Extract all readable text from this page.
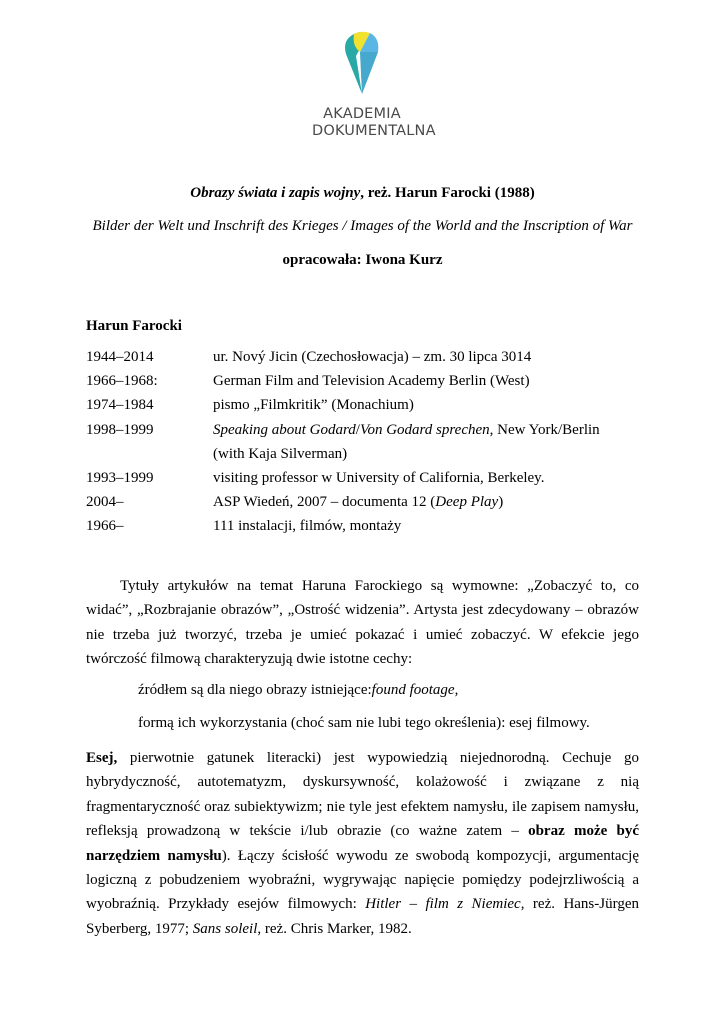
AKADEMIA
DOKUMENTALNA
Obrazy świata i zapis wojny, reż. Harun Farocki (1988)
Bilder der Welt und Inschrift des Krieges / Images of the World and the Inscription of War
opracowała: Iwona Kurz
Harun Farocki
1944–2014	ur. Nový Jicin (Czechosłowacja) – zm. 30 lipca 3014
1966–1968:	German Film and Television Academy Berlin (West)
1974–1984	pismo „Filmkritik” (Monachium)
1998–1999	Speaking about Godard/Von Godard sprechen, New York/Berlin
(with Kaja Silverman)
1993–1999	visiting professor w University of California, Berkeley.
2004–	ASP Wiedeń, 2007 – documenta 12 (Deep Play)
1966–	111 instalacji, filmów, montaży

Tytuły artykułów na temat Haruna Farockiego są wymowne: „Zobaczyć to, co widać”, „Rozbrajanie obrazów”, „Ostrość widzenia”. Artysta jest zdecydowany – obrazów nie trzeba już tworzyć, trzeba je umieć pokazać i umieć zobaczyć. W efekcie jego twórczość filmową charakteryzują dwie istotne cechy:

źródłem są dla niego obrazy istniejące:found footage,
formą ich wykorzystania (choć sam nie lubi tego określenia): esej filmowy.

Esej, pierwotnie gatunek literacki) jest wypowiedzią niejednorodną. Cechuje go hybrydyczność, autotematyzm, dyskursywność, kolażowość i związane z nią fragmentaryczność oraz subiektywizm; nie tyle jest efektem namysłu, ile zapisem namysłu, refleksją prowadzoną w tekście i/lub obrazie (co ważne zatem – obraz może być narzędziem namysłu). Łączy ścisłość wywodu ze swobodą kompozycji, argumentację logiczną z pobudzeniem wyobraźni, wygrywając napięcie pomiędzy podejrzliwością a wyobraźnią. Przykłady esejów filmowych: Hitler – film z Niemiec, reż. Hans-Jürgen Syberberg, 1977; Sans soleil, reż. Chris Marker, 1982.
